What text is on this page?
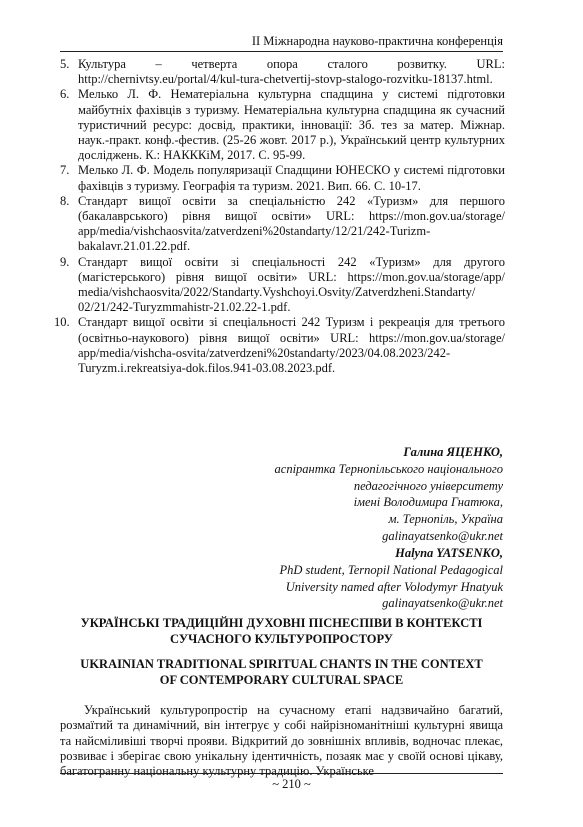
ІІ Міжнародна науково-практична конференція
5. Культура – четверта опора сталого розвитку. URL: http://chernivtsy.eu/portal/4/kul-tura-chetvertij-stovp-stalogo-rozvitku-18137.html.
6. Мелько Л. Ф. Нематеріальна культурна спадщина у системі підготовки майбутніх фахівців з туризму. Нематеріальна культурна спадщина як сучасний туристичний ресурс: досвід, практики, інновації: Зб. тез за матер. Міжнар. наук.-практ. конф.-фестив. (25-26 жовт. 2017 р.), Український центр культурних досліджень. К.: НАКККіМ, 2017. С. 95-99.
7. Мелько Л. Ф. Модель популяризації Спадщини ЮНЕСКО у системі підготовки фахівців з туризму. Географія та туризм. 2021. Вип. 66. С. 10-17.
8. Стандарт вищої освіти за спеціальністю 242 «Туризм» для першого (бакалаврського) рівня вищої освіти» URL: https://mon.gov.ua/storage/ app/media/vishchaosvita/zatverdzeni%20standarty/12/21/242-Turizm-bakalavr.21.01.22.pdf.
9. Стандарт вищої освіти зі спеціальності 242 «Туризм» для другого (магістерського) рівня вищої освіти» URL: https://mon.gov.ua/storage/app/ media/vishchaosvita/2022/Standarty.Vyshchoyi.Osvity/Zatverdzheni.Standarty/ 02/21/242-Turyzmmahistr-21.02.22-1.pdf.
10. Стандарт вищої освіти зі спеціальності 242 Туризм і рекреація для третього (освітньо-наукового) рівня вищої освіти» URL: https://mon.gov.ua/storage/ app/media/vishcha-osvita/zatverdzeni%20standarty/2023/04.08.2023/242-Turyzm.i.rekreatsiya-dok.filos.941-03.08.2023.pdf.
Галина ЯЦЕНКО,
аспірантка Тернопільського національного
педагогічного університету
імені Володимира Гнатюка,
м. Тернопіль, Україна
galinayatsenko@ukr.net
Halyna YATSENKO,
PhD student, Ternopil National Pedagogical
University named after Volodymyr Hnatyuk
galinayatsenko@ukr.net
УКРАЇНСЬКІ ТРАДИЦІЙНІ ДУХОВНІ ПІСНЕСПІВИ В КОНТЕКСТІ
СУЧАСНОГО КУЛЬТУРОПРОСТОРУ
UKRAINIAN TRADITIONAL SPIRITUAL CHANTS IN THE CONTEXT
OF CONTEMPORARY CULTURAL SPACE

Український культуропростір на сучасному етапі надзвичайно багатий, розмаїтий та динамічний, він інтегрує у собі найрізноманітніші культурні явища та найсміливіші творчі прояви. Відкритий до зовнішніх впливів, водночас плекає, розвиває і зберігає свою унікальну ідентичність, позаяк має у своїй основі цікаву, багатогранну національну культурну традицію. Українське

~ 210 ~
